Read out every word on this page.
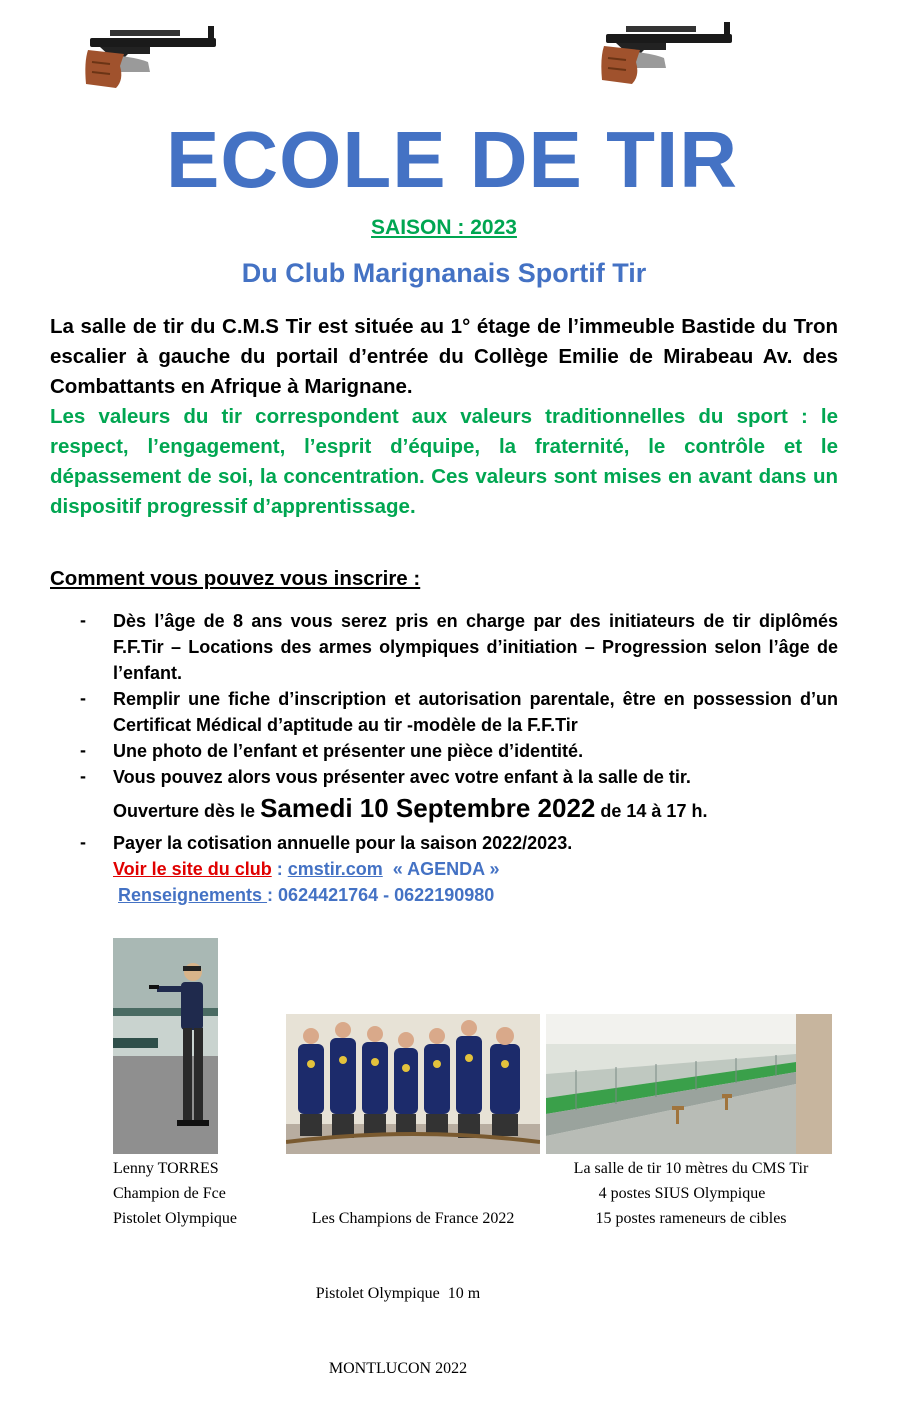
ECOLE DE TIR
SAISON : 2023
Du Club Marignanais Sportif Tir
La salle de tir du C.M.S Tir est située au 1° étage de l’immeuble Bastide du Tron escalier à gauche du portail d’entrée du Collège Emilie de Mirabeau Av. des Combattants en Afrique à Marignane.
Les valeurs du tir correspondent aux valeurs traditionnelles du sport : le respect, l’engagement, l’esprit d’équipe, la fraternité, le contrôle et le dépassement de soi, la concentration. Ces valeurs sont mises en avant dans un dispositif progressif d’apprentissage.
Comment vous pouvez vous inscrire :
- Dès l’âge de 8 ans vous serez pris en charge par des initiateurs de tir diplômés F.F.Tir – Locations des armes olympiques d’initiation – Progression selon l’âge de l’enfant.
- Remplir une fiche d’inscription et autorisation parentale, être en possession d’un Certificat Médical d’aptitude au tir -modèle de la F.F.Tir
- Une photo de l’enfant et présenter une pièce d’identité.
- Vous pouvez alors vous présenter avec votre enfant à la salle de tir.
Ouverture dès le Samedi 10 Septembre 2022 de 14 à 17 h.
- Payer la cotisation annuelle pour la saison 2022/2023.
Voir le site du club : cmstir.com « AGENDA »
Renseignements : 0624421764 - 0622190980
Lenny TORRES
Champion de Fce
Pistolet Olympique

	Les Champions de France 2022

Pistolet Olympique  10 m

MONTLUCON 2022

La salle de tir 10 mètres du CMS Tir
4 postes SIUS Olympique
15 postes rameneurs de cibles
